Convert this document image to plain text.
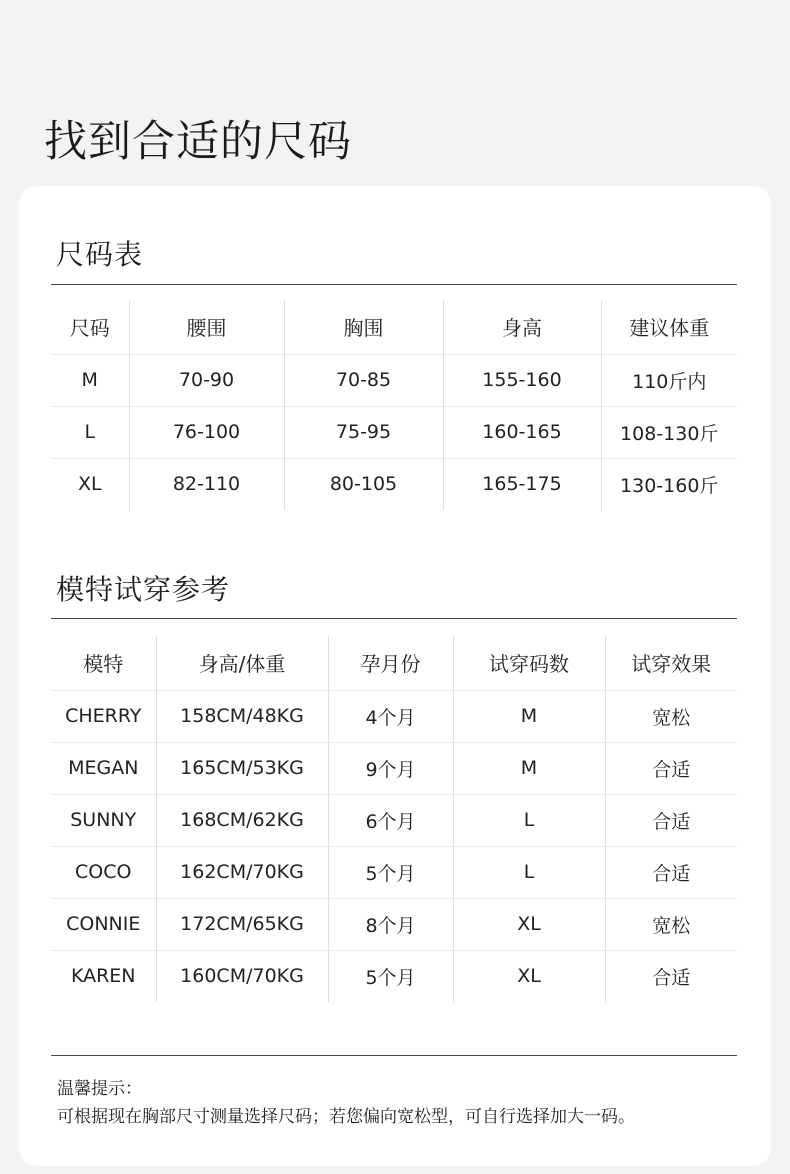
找到合适的尺码
尺码表
尺码	腰围	胸围	身高	建议体重
M	70-90	70-85	155-160	110斤内
L	76-100	75-95	160-165	108-130斤
XL	82-110	80-105	165-175	130-160斤
模特试穿参考
模特	身高/体重	孕月份	试穿码数	试穿效果
CHERRY	158CM/48KG	4个月	M	宽松
MEGAN	165CM/53KG	9个月	M	合适
SUNNY	168CM/62KG	6个月	L	合适
COCO	162CM/70KG	5个月	L	合适
CONNIE	172CM/65KG	8个月	XL	宽松
KAREN	160CM/70KG	5个月	XL	合适
温馨提示：
可根据现在胸部尺寸测量选择尺码；若您偏向宽松型，可自行选择加大一码。
